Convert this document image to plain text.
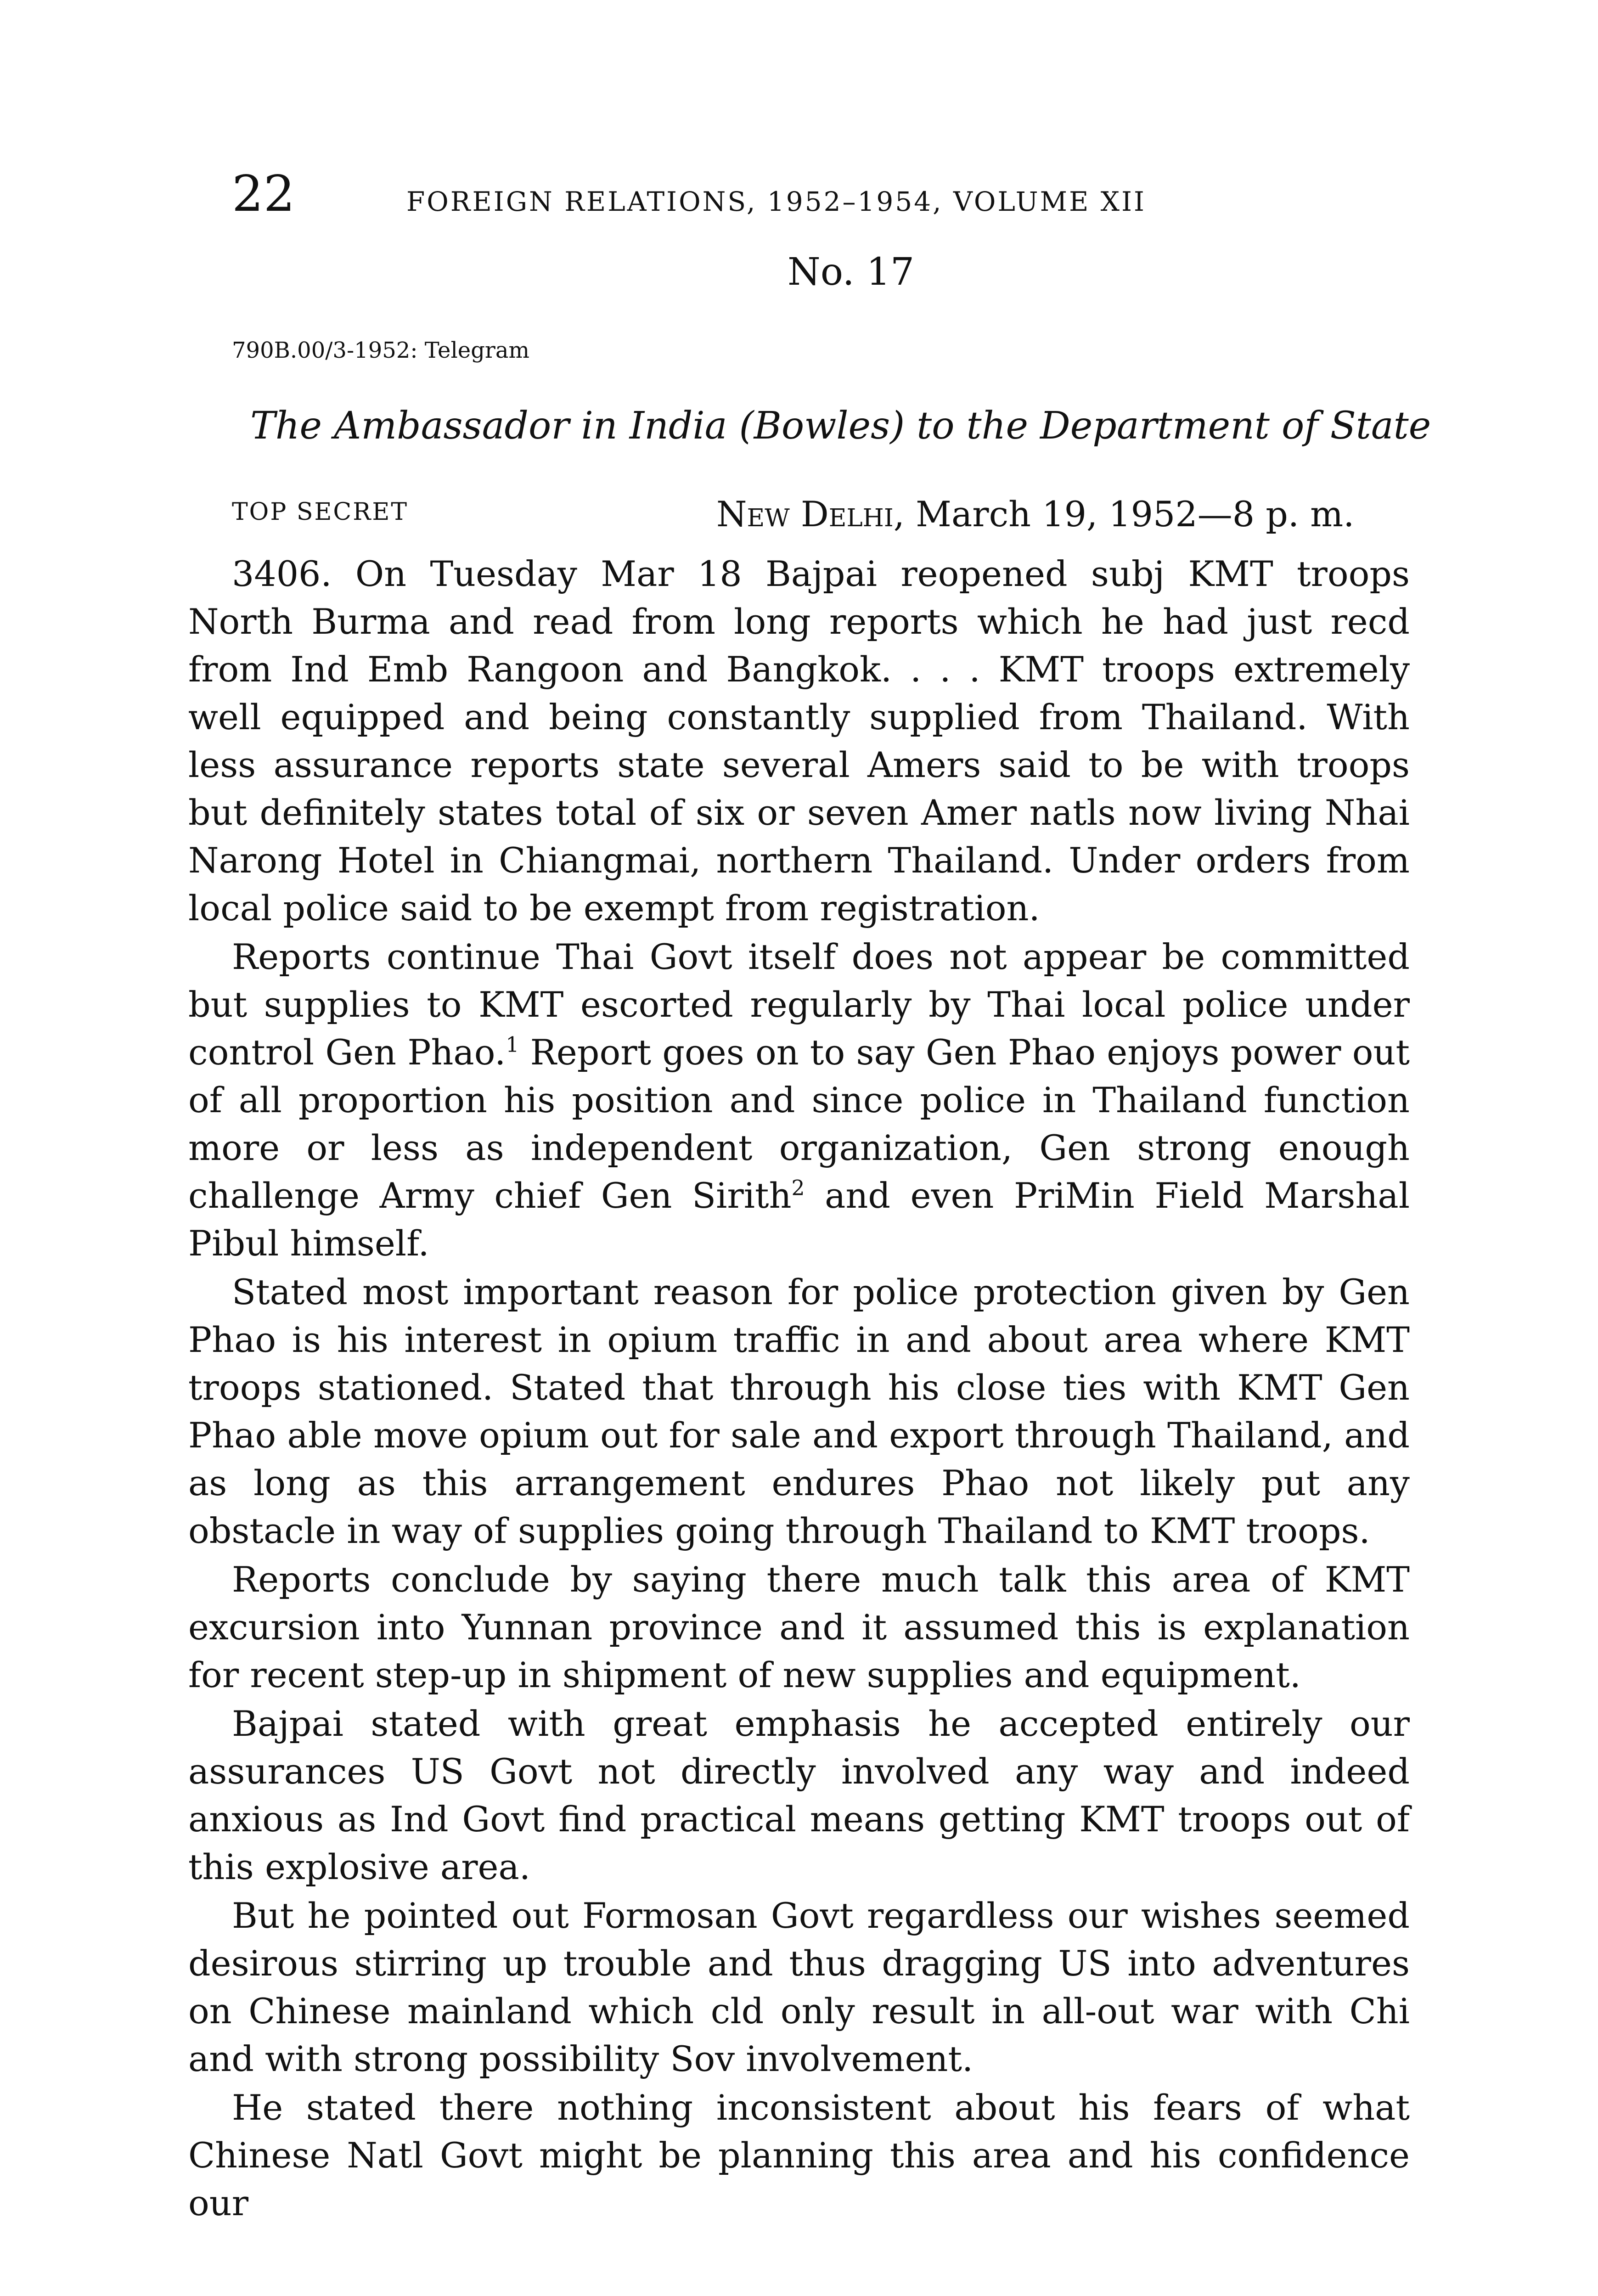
22	FOREIGN RELATIONS, 1952–1954, VOLUME XII
No. 17
790B.00/3-1952: Telegram
The Ambassador in India (Bowles) to the Department of State
TOP SECRET	New Delhi, March 19, 1952—8 p. m.

3406. On Tuesday Mar 18 Bajpai reopened subj KMT troops North Burma and read from long reports which he had just recd from Ind Emb Rangoon and Bangkok. . . . KMT troops extremely well equipped and being constantly supplied from Thailand. With less assurance reports state several Amers said to be with troops but definitely states total of six or seven Amer natls now living Nhai Narong Hotel in Chiangmai, northern Thailand. Under orders from local police said to be exempt from registration.

Reports continue Thai Govt itself does not appear be committed but supplies to KMT escorted regularly by Thai local police under control Gen Phao.$^1$ Report goes on to say Gen Phao enjoys power out of all proportion his position and since police in Thailand function more or less as independent organization, Gen strong enough challenge Army chief Gen Sirith$^2$ and even PriMin Field Marshal Pibul himself.

Stated most important reason for police protection given by Gen Phao is his interest in opium traffic in and about area where KMT troops stationed. Stated that through his close ties with KMT Gen Phao able move opium out for sale and export through Thailand, and as long as this arrangement endures Phao not likely put any obstacle in way of supplies going through Thailand to KMT troops.

Reports conclude by saying there much talk this area of KMT excursion into Yunnan province and it assumed this is explanation for recent step-up in shipment of new supplies and equipment.

Bajpai stated with great emphasis he accepted entirely our assurances US Govt not directly involved any way and indeed anxious as Ind Govt find practical means getting KMT troops out of this explosive area.

But he pointed out Formosan Govt regardless our wishes seemed desirous stirring up trouble and thus dragging US into adventures on Chinese mainland which cld only result in all-out war with Chi and with strong possibility Sov involvement.

He stated there nothing inconsistent about his fears of what Chinese Natl Govt might be planning this area and his confidence our
